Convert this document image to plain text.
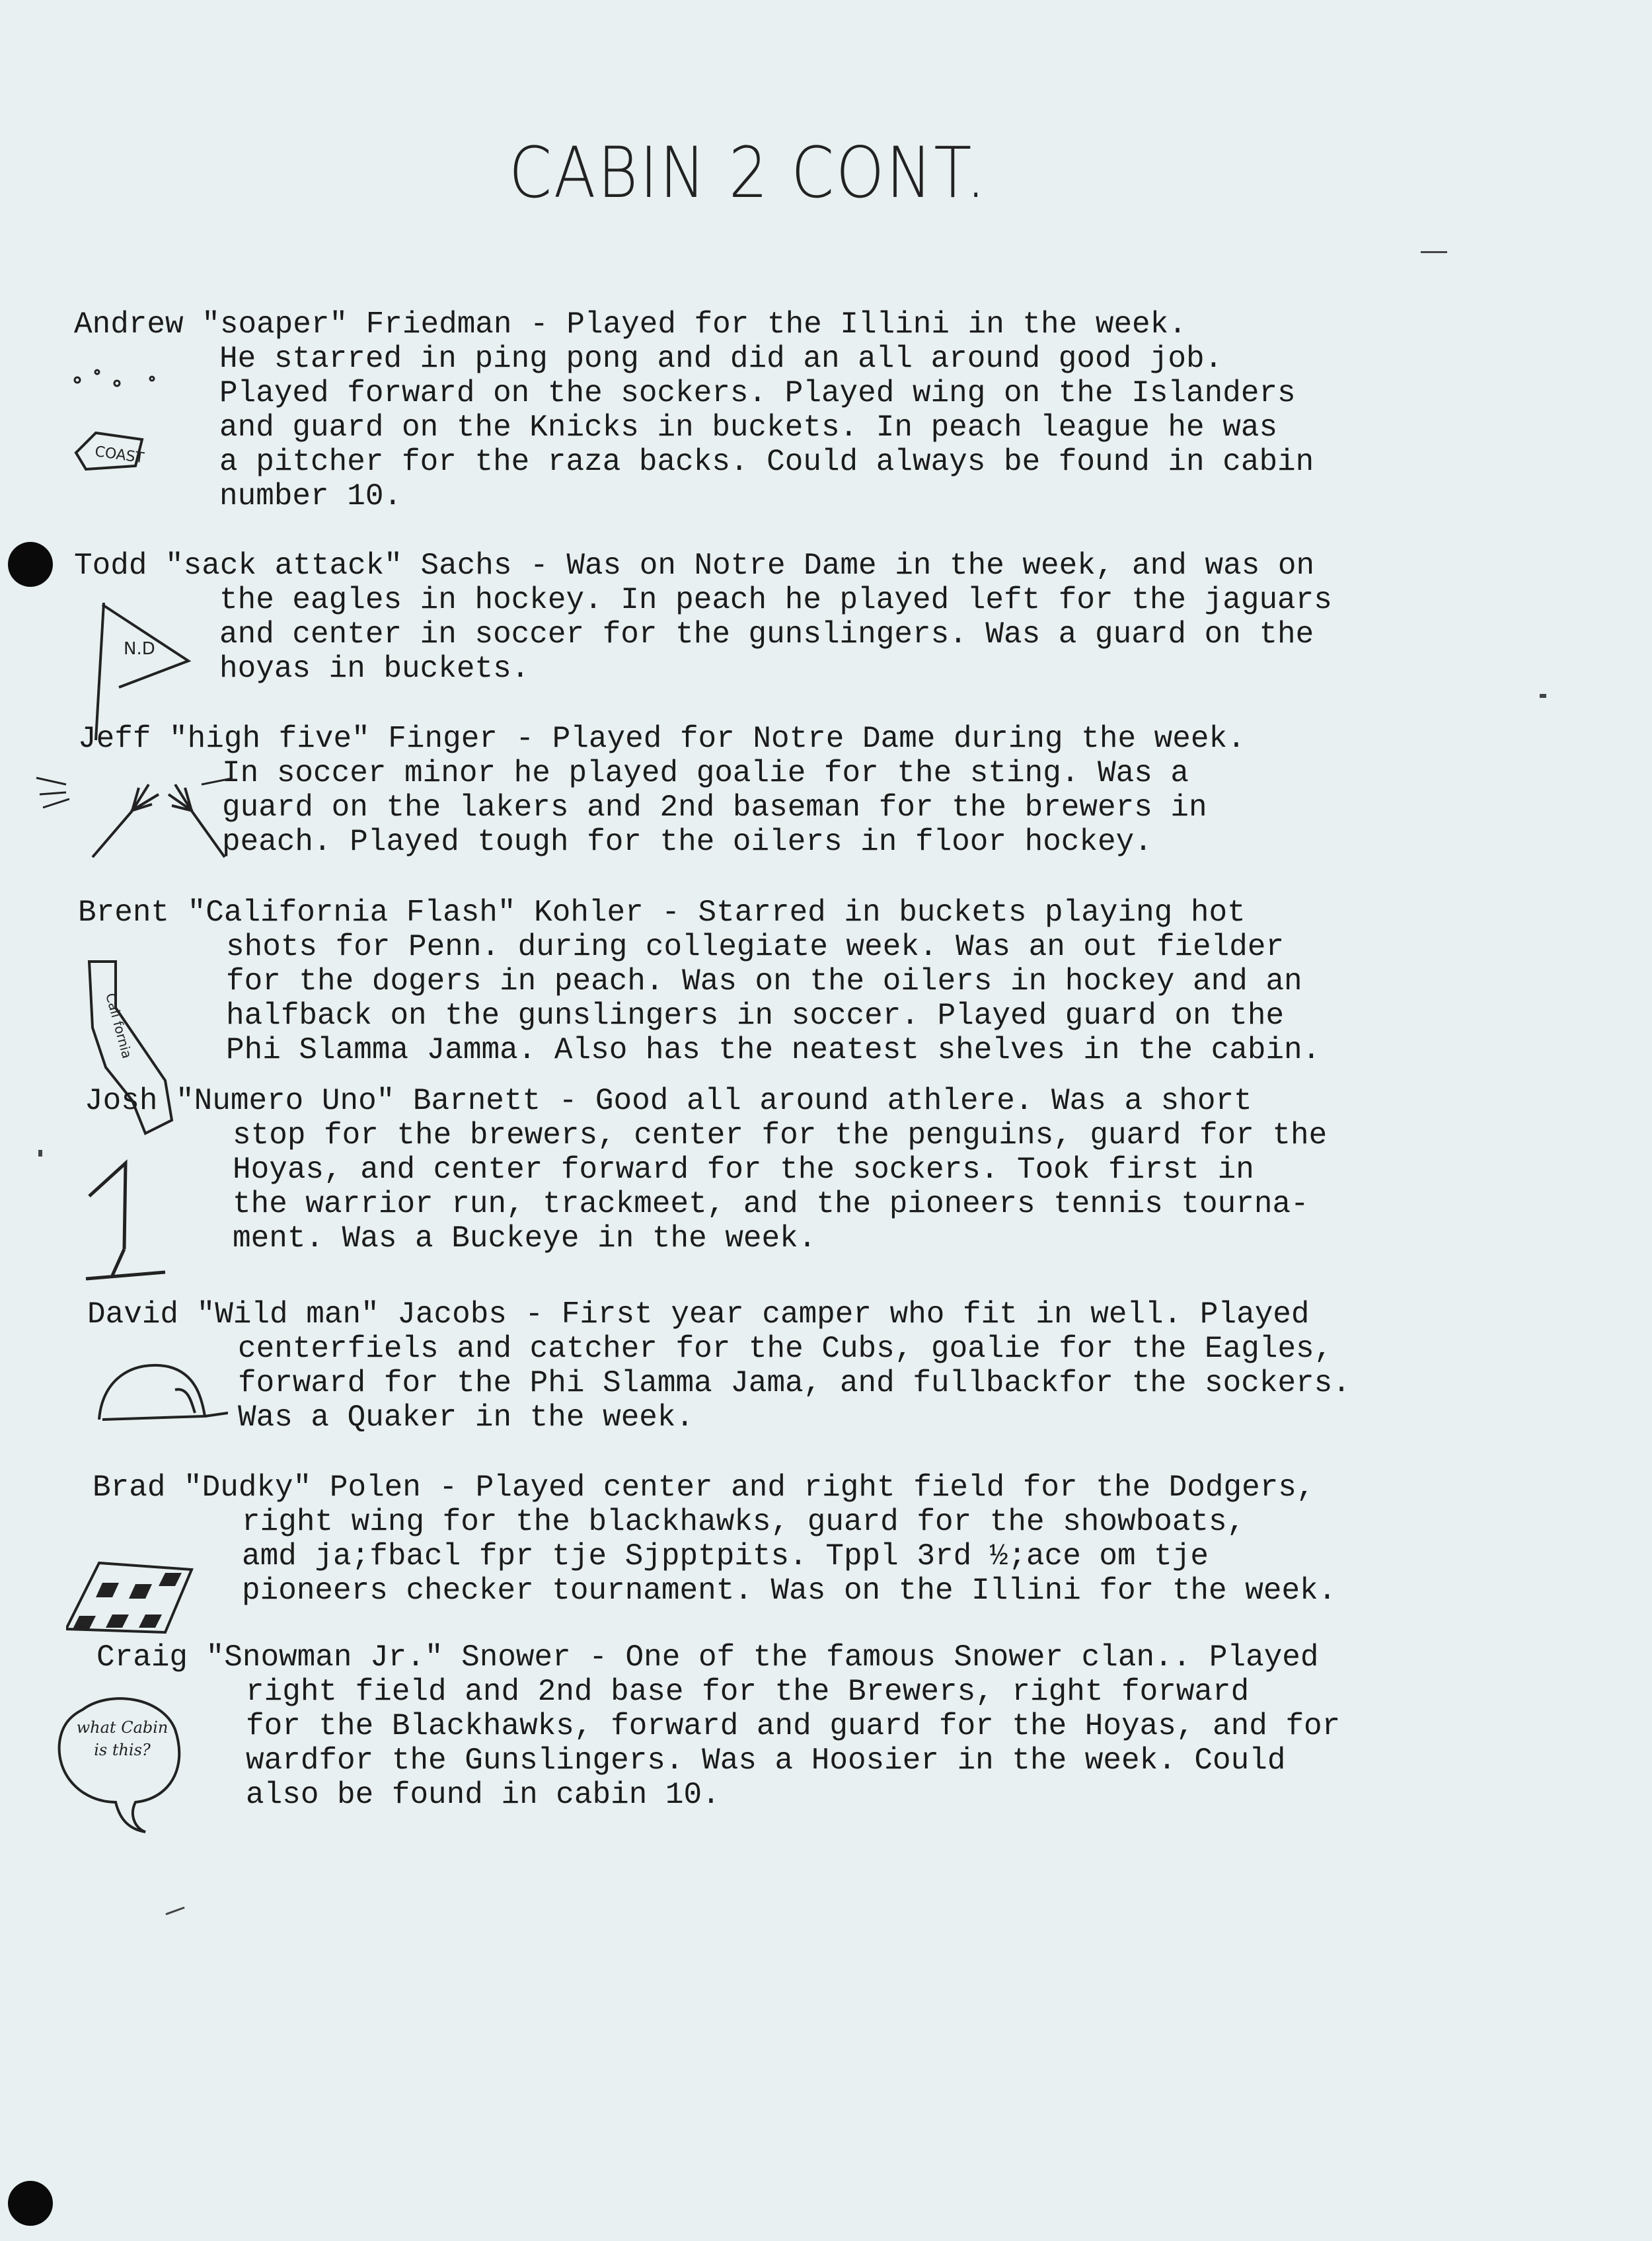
CABIN 2 CONT.
Andrew "soaper" Friedman - Played for the Illini in the week.
He starred in ping pong and did an all around good job.
Played forward on the sockers. Played wing on the Islanders
and guard on the Knicks in buckets. In peach league he was
a pitcher for the raza backs. Could always be found in cabin
number 10.
COAST
Todd "sack attack" Sachs - Was on Notre Dame in the week, and was on
the eagles in hockey. In peach he played left for the jaguars
and center in soccer for the gunslingers. Was a guard on the
hoyas in buckets.
N.D
Jeff "high five" Finger - Played for Notre Dame during the week.
In soccer minor he played goalie for the sting. Was a
guard on the lakers and 2nd baseman for the brewers in
peach. Played tough for the oilers in floor hockey.
Brent "California Flash" Kohler - Starred in buckets playing hot
shots for Penn. during collegiate week. Was an out fielder
for the dogers in peach. Was on the oilers in hockey and an
halfback on the gunslingers in soccer. Played guard on the
Phi Slamma Jamma. Also has the neatest shelves in the cabin.
Cali fornia
Josh "Numero Uno" Barnett - Good all around athlere. Was a short
stop for the brewers, center for the penguins, guard for the
Hoyas, and center forward for the sockers. Took first in
the warrior run, trackmeet, and the pioneers tennis tourna-
ment. Was a Buckeye in the week.
David "Wild man" Jacobs - First year camper who fit in well. Played
centerfiels and catcher for the Cubs, goalie for the Eagles,
forward for the Phi Slamma Jama, and fullbackfor the sockers.
Was a Quaker in the week.
Brad "Dudky" Polen - Played center and right field for the Dodgers,
right wing for the blackhawks, guard for the showboats,
amd ja;fbacl fpr tje Sjpptpits. Tppl 3rd ½;ace om tje
pioneers checker tournament. Was on the Illini for the week.
Craig "Snowman Jr." Snower - One of the famous Snower clan.. Played
right field and 2nd base for the Brewers, right forward
for the Blackhawks, forward and guard for the Hoyas, and for
wardfor the Gunslingers. Was a Hoosier in the week. Could
also be found in cabin 10.
what Cabin is this?
